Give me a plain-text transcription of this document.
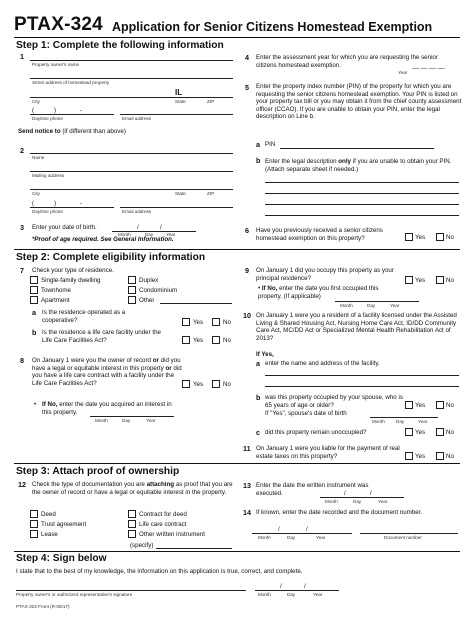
PTAX-324 Application for Senior Citizens Homestead Exemption
Step 1: Complete the following information
1
Property owner's name
Street address of homestead property
IL
City	State	ZIP
(	)	-
Daytime phone	Email address
Send notice to (if different than above)
2
Name
Mailing address
City	State	ZIP
(	)	-
Daytime phone	Email address
3 Enter your date of birth.	/	/
Month	Day	Year
*Proof of age required. See General Information.
4 Enter the assessment year for which you are requesting the senior citizens homestead exemption.	__ __ __ __
Year
5 Enter the property index number (PIN) of the property for which you are requesting the senior citizens homestead exemption. Your PIN is listed on your property tax bill or you may obtain it from the chief county assessment officer (CCAO). If you are unable to obtain your PIN, enter the legal description on Line b.
a PIN
b Enter the legal description only if you are unable to obtain your PIN. (Attach separate sheet if needed.)
6 Have you previously received a senior citizens homestead exemption on this property?	Yes	No
Step 2: Complete eligibility information
7 Check your type of residence.
Single-family dwelling	Duplex
Townhome	Condominium
Apartment	Other
a Is the residence operated as a cooperative?	Yes	No
b Is the residence a life care facility under the Life Care Facilities Act?	Yes	No
8 On January 1 were you the owner of record or did you have a legal or equitable interest in this property or did you have a life care contract with a facility under the Life Care Facilities Act?	Yes	No
• If No, enter the date you acquired an interest in this property.
Month	Day	Year
9 On January 1 did you occupy this property as your principal residence?	Yes	No
• If No, enter the date you first occupied this property. (If applicable)
Month	Day	Year
10 On January 1 were you a resident of a facility licensed under the Assisted Living & Shared Housing Act, Nursing Home Care Act, ID/DD Community Care Act, MC/DD Act or Specialized Mental Health Rehabilitation Act of 2013?
If Yes,
a enter the name and address of the facility.
b was this property occupied by your spouse, who is 65 years of age or older?	Yes	No
If "Yes", spouse's date of birth
Month Day	Year
c did this property remain unoccupied?	Yes	No
11 On January 1 were you liable for the payment of real estate taxes on this property?	Yes	No
Step 3: Attach proof of ownership
12 Check the type of documentation you are attaching as proof that you are the owner of record or have a legal or equitable interest in the property.
Deed	Contract for deed
Trust agreement	Life care contract
Lease	Other written instrument
(specify)
13 Enter the date the written instrument was executed.	/	/
Month	Day	Year
14 If known, enter the date recorded and the document number.
/	/
Month	Day	Year	Document number
Step 4: Sign below
I state that to the best of my knowledge, the information on this application is true, correct, and complete.
Property owner's or authorized representative's signature
/	/
Month	Day	Year
PTAX-324 Front (R-09/17)
